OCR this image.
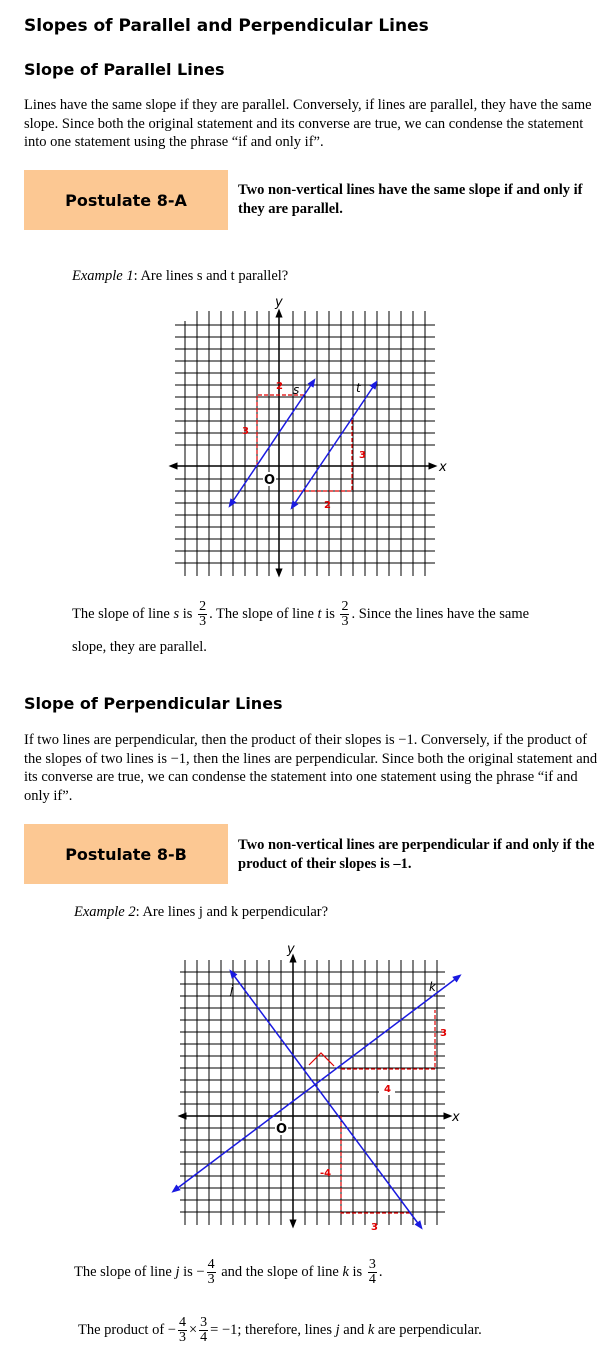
Slopes of Parallel and Perpendicular Lines
Slope of Parallel Lines

Lines have the same slope if they are parallel. Conversely, if lines are parallel, they have the same slope. Since both the original statement and its converse are true, we can condense the statement into one statement using the phrase “if and only if”.

Postulate 8-A
Two non-vertical lines have the same slope if and only if they are parallel.
Example 1: Are lines s and t parallel?
x
y
O
s	t
2
3
3
2
The slope of line s is $\frac{2}{3}$ . The slope of line t is $\frac{2}{3}$ . Since the lines have the same
slope, they are parallel.
Slope of Perpendicular Lines

If two lines are perpendicular, then the product of their slopes is −1. Conversely, if the product of the slopes of two lines is −1, then the lines are perpendicular. Since both the original statement and its converse are true, we can condense the statement into one statement using the phrase “if and only if”.

Postulate 8-B	Two non-vertical lines are perpendicular if and only if the product of their slopes is –1.
Example 2: Are lines j and k perpendicular?
x
y
O
j	k
3
4
-4
3
The slope of line j is − $\frac{4}{3}$ and the slope of line k is $\frac{3}{4}$ .
The product of − $\frac{4}{3} \times \frac{3}{4} = -1$; therefore, lines j and k are perpendicular.
